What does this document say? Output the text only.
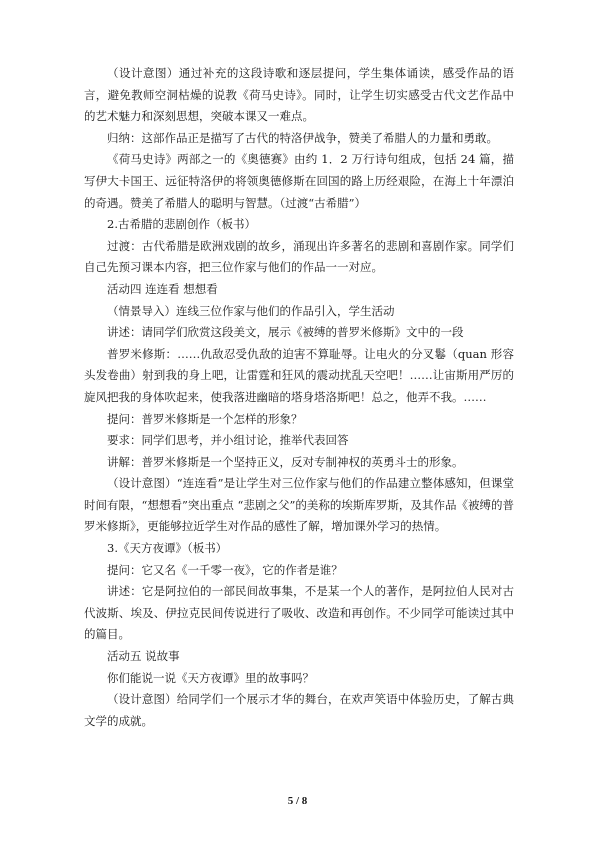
（设计意图）通过补充的这段诗歌和逐层提问，学生集体诵读，感受作品的语言，避免教师空洞枯燥的说教《荷马史诗》。同时，让学生切实感受古代文艺作品中的艺术魅力和深刻思想，突破本课又一难点。

归纳：这部作品正是描写了古代的特洛伊战争，赞美了希腊人的力量和勇敢。

《荷马史诗》两部之一的《奥德赛》由约 1．2 万行诗句组成，包括 24 篇，描写伊大卡国王、远征特洛伊的将领奥德修斯在回国的路上历经艰险，在海上十年漂泊的奇遇。赞美了希腊人的聪明与智慧。（过渡“古希腊”）

2.古希腊的悲剧创作（板书）

过渡：古代希腊是欧洲戏剧的故乡，涌现出许多著名的悲剧和喜剧作家。同学们自己先预习课本内容，把三位作家与他们的作品一一对应。

活动四 连连看 想想看

（情景导入）连线三位作家与他们的作品引入，学生活动

讲述：请同学们欣赏这段美文，展示《被缚的普罗米修斯》文中的一段

普罗米修斯：……仇敌忍受仇敌的迫害不算耻辱。让电火的分叉鬈（quan 形容头发卷曲）射到我的身上吧，让雷霆和狂风的震动扰乱天空吧！……让宙斯用严厉的旋风把我的身体吹起来，使我落进幽暗的塔身塔洛斯吧！总之，他弄不我。……

提问：普罗米修斯是一个怎样的形象？

要求：同学们思考，并小组讨论，推举代表回答

讲解：普罗米修斯是一个坚持正义，反对专制神权的英勇斗士的形象。

（设计意图）“连连看”是让学生对三位作家与他们的作品建立整体感知，但课堂时间有限，“想想看”突出重点 “悲剧之父”的美称的埃斯库罗斯，及其作品《被缚的普罗米修斯》，更能够拉近学生对作品的感性了解，增加课外学习的热情。

3.《天方夜谭》（板书）

提问：它又名《一千零一夜》，它的作者是谁？

讲述：它是阿拉伯的一部民间故事集，不是某一个人的著作，是阿拉伯人民对古代波斯、埃及、伊拉克民间传说进行了吸收、改造和再创作。不少同学可能读过其中的篇目。

活动五 说故事

你们能说一说《天方夜谭》里的故事吗？

（设计意图）给同学们一个展示才华的舞台，在欢声笑语中体验历史，了解古典文学的成就。

5 / 8
